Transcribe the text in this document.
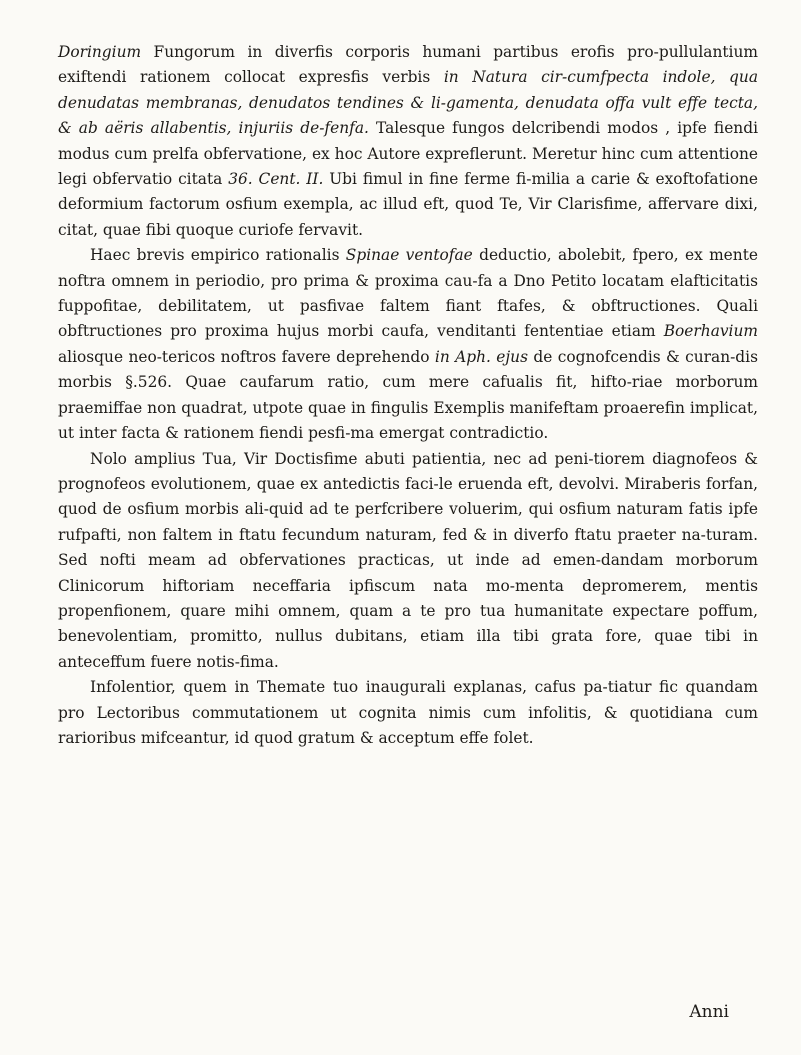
Doringium Fungorum in diverfis corporis humani partibus erofis pro-pullulantium exiftendi rationem collocat expresfis verbis in Natura cir-cumfpecta indole, qua denudatas membranas, denudatos tendines & li-gamenta, denudata offa vult effe tecta, & ab aëris allabentis, injuriis de-fenfa. Talesque fungos delcribendi modos , ipfe fiendi modus cum prelfa obfervatione, ex hoc Autore expreflerunt. Meretur hinc cum attentione legi obfervatio citata 36. Cent. II. Ubi fimul in fine ferme fi-milia a carie & exoftofatione deformium factorum osfium exempla, ac illud eft, quod Te, Vir Clarisfime, affervare dixi, citat, quae fibi quoque curiofe fervavit.

Haec brevis empirico rationalis Spinae ventofae deductio, abolebit, fpero, ex mente noftra omnem in periodio, pro prima & proxima cau-fa a Dno Petito locatam elafticitatis fuppofitae, debilitatem, ut pasfivae faltem fiant ftafes, & obftructiones. Quali obftructiones pro proxima hujus morbi caufa, venditanti fententiae etiam Boerhavium aliosque neo-tericos noftros favere deprehendo in Aph. ejus de cognofcendis & curan-dis morbis §.526. Quae caufarum ratio, cum mere cafualis fit, hifto-riae morborum praemiffae non quadrat, utpote quae in fingulis Exemplis manifeftam proaerefin implicat, ut inter facta & rationem fiendi pesfi-ma emergat contradictio.

Nolo amplius Tua, Vir Doctisfime abuti patientia, nec ad peni-tiorem diagnofeos & prognofeos evolutionem, quae ex antedictis faci-le eruenda eft, devolvi. Miraberis forfan, quod de osfium morbis ali-quid ad te perfcribere voluerim, qui osfium naturam fatis ipfe rufpafti, non faltem in ftatu fecundum naturam, fed & in diverfo ftatu praeter na-turam. Sed nofti meam ad obfervationes practicas, ut inde ad emen-dandam morborum Clinicorum hiftoriam neceffaria ipfiscum nata mo-menta depromerem, mentis propenfionem, quare mihi omnem, quam a te pro tua humanitate expectare poffum, benevolentiam, promitto, nullus dubitans, etiam illa tibi grata fore, quae tibi in anteceffum fuere notis-fima.

Infolentior, quem in Themate tuo inaugurali explanas, cafus pa-tiatur fic quandam pro Lectoribus commutationem ut cognita nimis cum infolitis, & quotidiana cum rarioribus mifceantur, id quod gratum & acceptum effe folet.

Anni
